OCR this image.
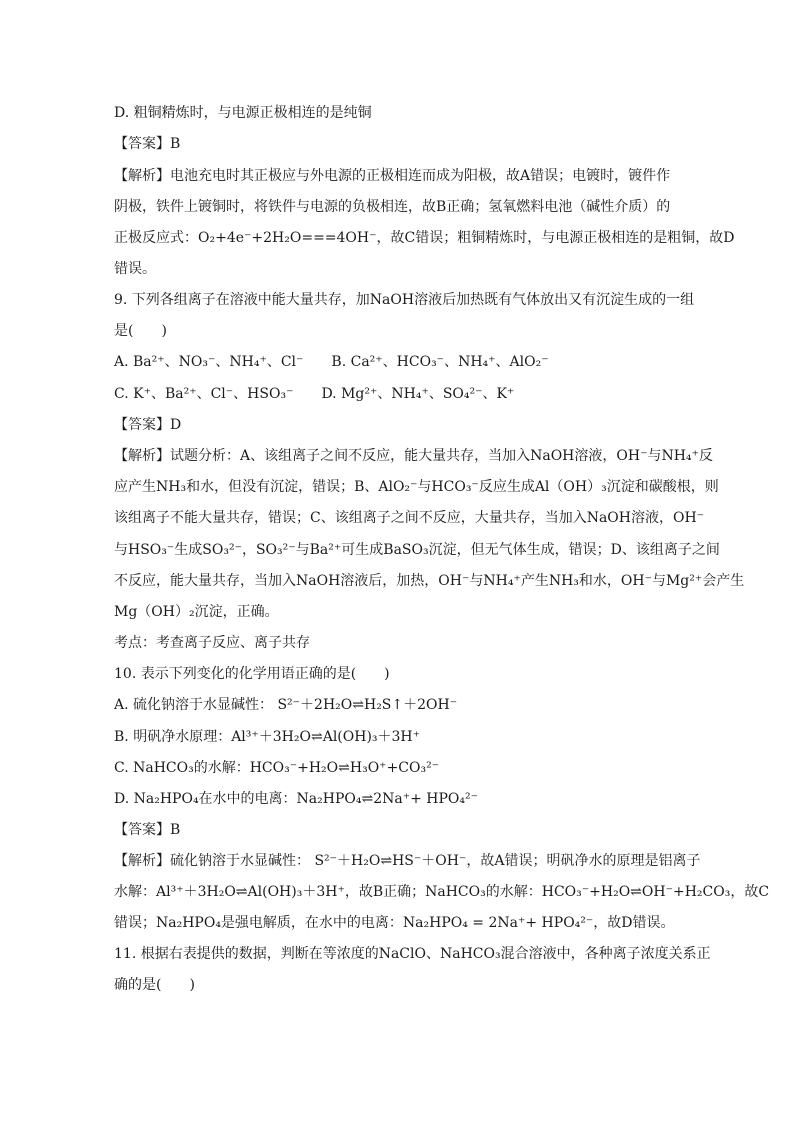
D. 粗铜精炼时，与电源正极相连的是纯铜
【答案】B
【解析】电池充电时其正极应与外电源的正极相连而成为阳极，故A错误；电镀时，镀件作
阴极，铁件上镀铜时，将铁件与电源的负极相连，故B正确；氢氧燃料电池（碱性介质）的
正极反应式：O₂+4e⁻+2H₂O===4OH⁻，故C错误；粗铜精炼时，与电源正极相连的是粗铜，故D
错误。
9. 下列各组离子在溶液中能大量共存，加NaOH溶液后加热既有气体放出又有沉淀生成的一组
是(　　)
A. Ba²⁺、NO₃⁻、NH₄⁺、Cl⁻　　B. Ca²⁺、HCO₃⁻、NH₄⁺、AlO₂⁻
C. K⁺、Ba²⁺、Cl⁻、HSO₃⁻　　D. Mg²⁺、NH₄⁺、SO₄²⁻、K⁺
【答案】D
【解析】试题分析：A、该组离子之间不反应，能大量共存，当加入NaOH溶液，OH⁻与NH₄⁺反
应产生NH₃和水，但没有沉淀，错误；B、AlO₂⁻与HCO₃⁻反应生成Al（OH）₃沉淀和碳酸根，则
该组离子不能大量共存，错误；C、该组离子之间不反应，大量共存，当加入NaOH溶液，OH⁻
与HSO₃⁻生成SO₃²⁻，SO₃²⁻与Ba²⁺可生成BaSO₃沉淀，但无气体生成，错误；D、该组离子之间
不反应，能大量共存，当加入NaOH溶液后，加热，OH⁻与NH₄⁺产生NH₃和水，OH⁻与Mg²⁺会产生
Mg（OH）₂沉淀，正确。
考点：考查离子反应、离子共存
10. 表示下列变化的化学用语正确的是(　　)
A. 硫化钠溶于水显碱性： S²⁻＋2H₂O⇌H₂S↑＋2OH⁻
B. 明矾净水原理：Al³⁺＋3H₂O⇌Al(OH)₃＋3H⁺
C. NaHCO₃的水解：HCO₃⁻+H₂O⇌H₃O⁺+CO₃²⁻
D. Na₂HPO₄在水中的电离：Na₂HPO₄⇌2Na⁺+ HPO₄²⁻
【答案】B
【解析】硫化钠溶于水显碱性： S²⁻＋H₂O⇌HS⁻＋OH⁻，故A错误；明矾净水的原理是铝离子
水解：Al³⁺＋3H₂O⇌Al(OH)₃＋3H⁺，故B正确；NaHCO₃的水解：HCO₃⁻+H₂O⇌OH⁻+H₂CO₃，故C
错误；Na₂HPO₄是强电解质，在水中的电离：Na₂HPO₄ = 2Na⁺+ HPO₄²⁻，故D错误。
11. 根据右表提供的数据，判断在等浓度的NaClO、NaHCO₃混合溶液中，各种离子浓度关系正
确的是(　　)
